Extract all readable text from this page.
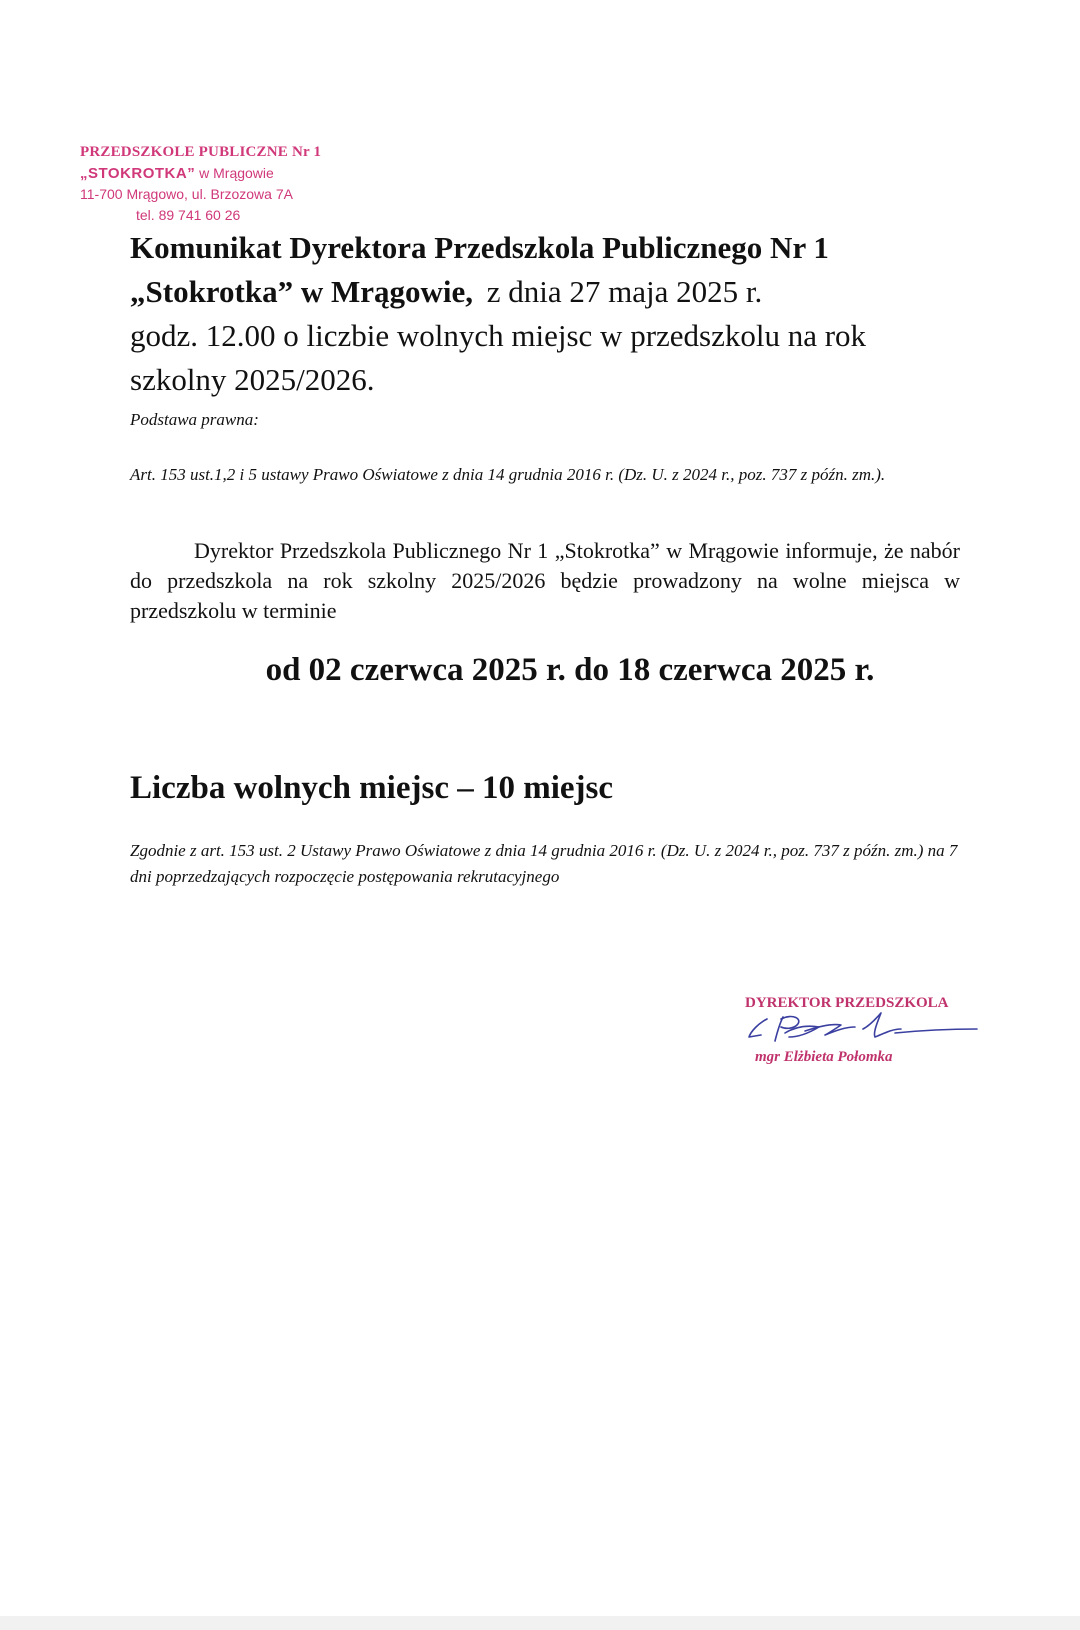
PRZEDSZKOLE PUBLICZNE Nr 1
„STOKROTKA” w Mrągowie
11-700 Mrągowo, ul. Brzozowa 7A
tel. 89 741 60 26
Komunikat Dyrektora Przedszkola Publicznego Nr 1
„Stokrotka” w Mrągowie, z dnia 27 maja 2025 r.
godz. 12.00 o liczbie wolnych miejsc w przedszkolu na rok
szkolny 2025/2026.
Podstawa prawna:
Art. 153 ust.1,2 i 5 ustawy Prawo Oświatowe z dnia 14 grudnia 2016 r. (Dz. U. z 2024 r., poz. 737 z późn. zm.).
Dyrektor Przedszkola Publicznego Nr 1 „Stokrotka” w Mrągowie informuje, że nabór do przedszkola na rok szkolny 2025/2026 będzie prowadzony na wolne miejsca w przedszkolu w terminie
od 02 czerwca 2025 r. do 18 czerwca 2025 r.
Liczba wolnych miejsc – 10 miejsc
Zgodnie z art. 153 ust. 2 Ustawy Prawo Oświatowe z dnia 14 grudnia 2016 r. (Dz. U. z 2024 r., poz. 737 z późn. zm.) na 7 dni poprzedzających rozpoczęcie postępowania rekrutacyjnego
DYREKTOR PRZEDSZKOLA
mgr Elżbieta Połomka
